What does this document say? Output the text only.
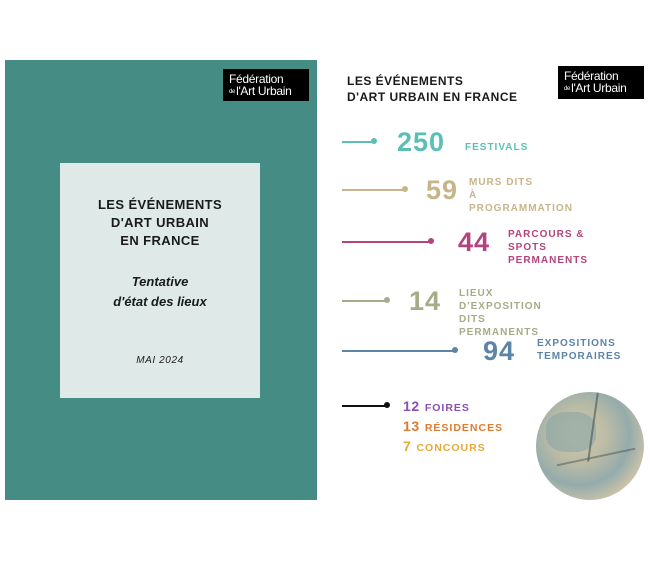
Fédération
del'Art Urbain
LES ÉVÉNEMENTS
D'ART URBAIN
EN FRANCE
Tentative
d'état des lieux
MAI 2024
LES ÉVÉNEMENTS
D'ART URBAIN EN FRANCE
Fédération
del'Art Urbain
250 FESTIVALS
59 MURS DITS
À PROGRAMMATION
44 PARCOURS &
SPOTS PERMANENTS
14 LIEUX D'EXPOSITION
DITS PERMANENTS
94 EXPOSITIONS
TEMPORAIRES
12 FOIRES
13 RÉSIDENCES
7 CONCOURS
